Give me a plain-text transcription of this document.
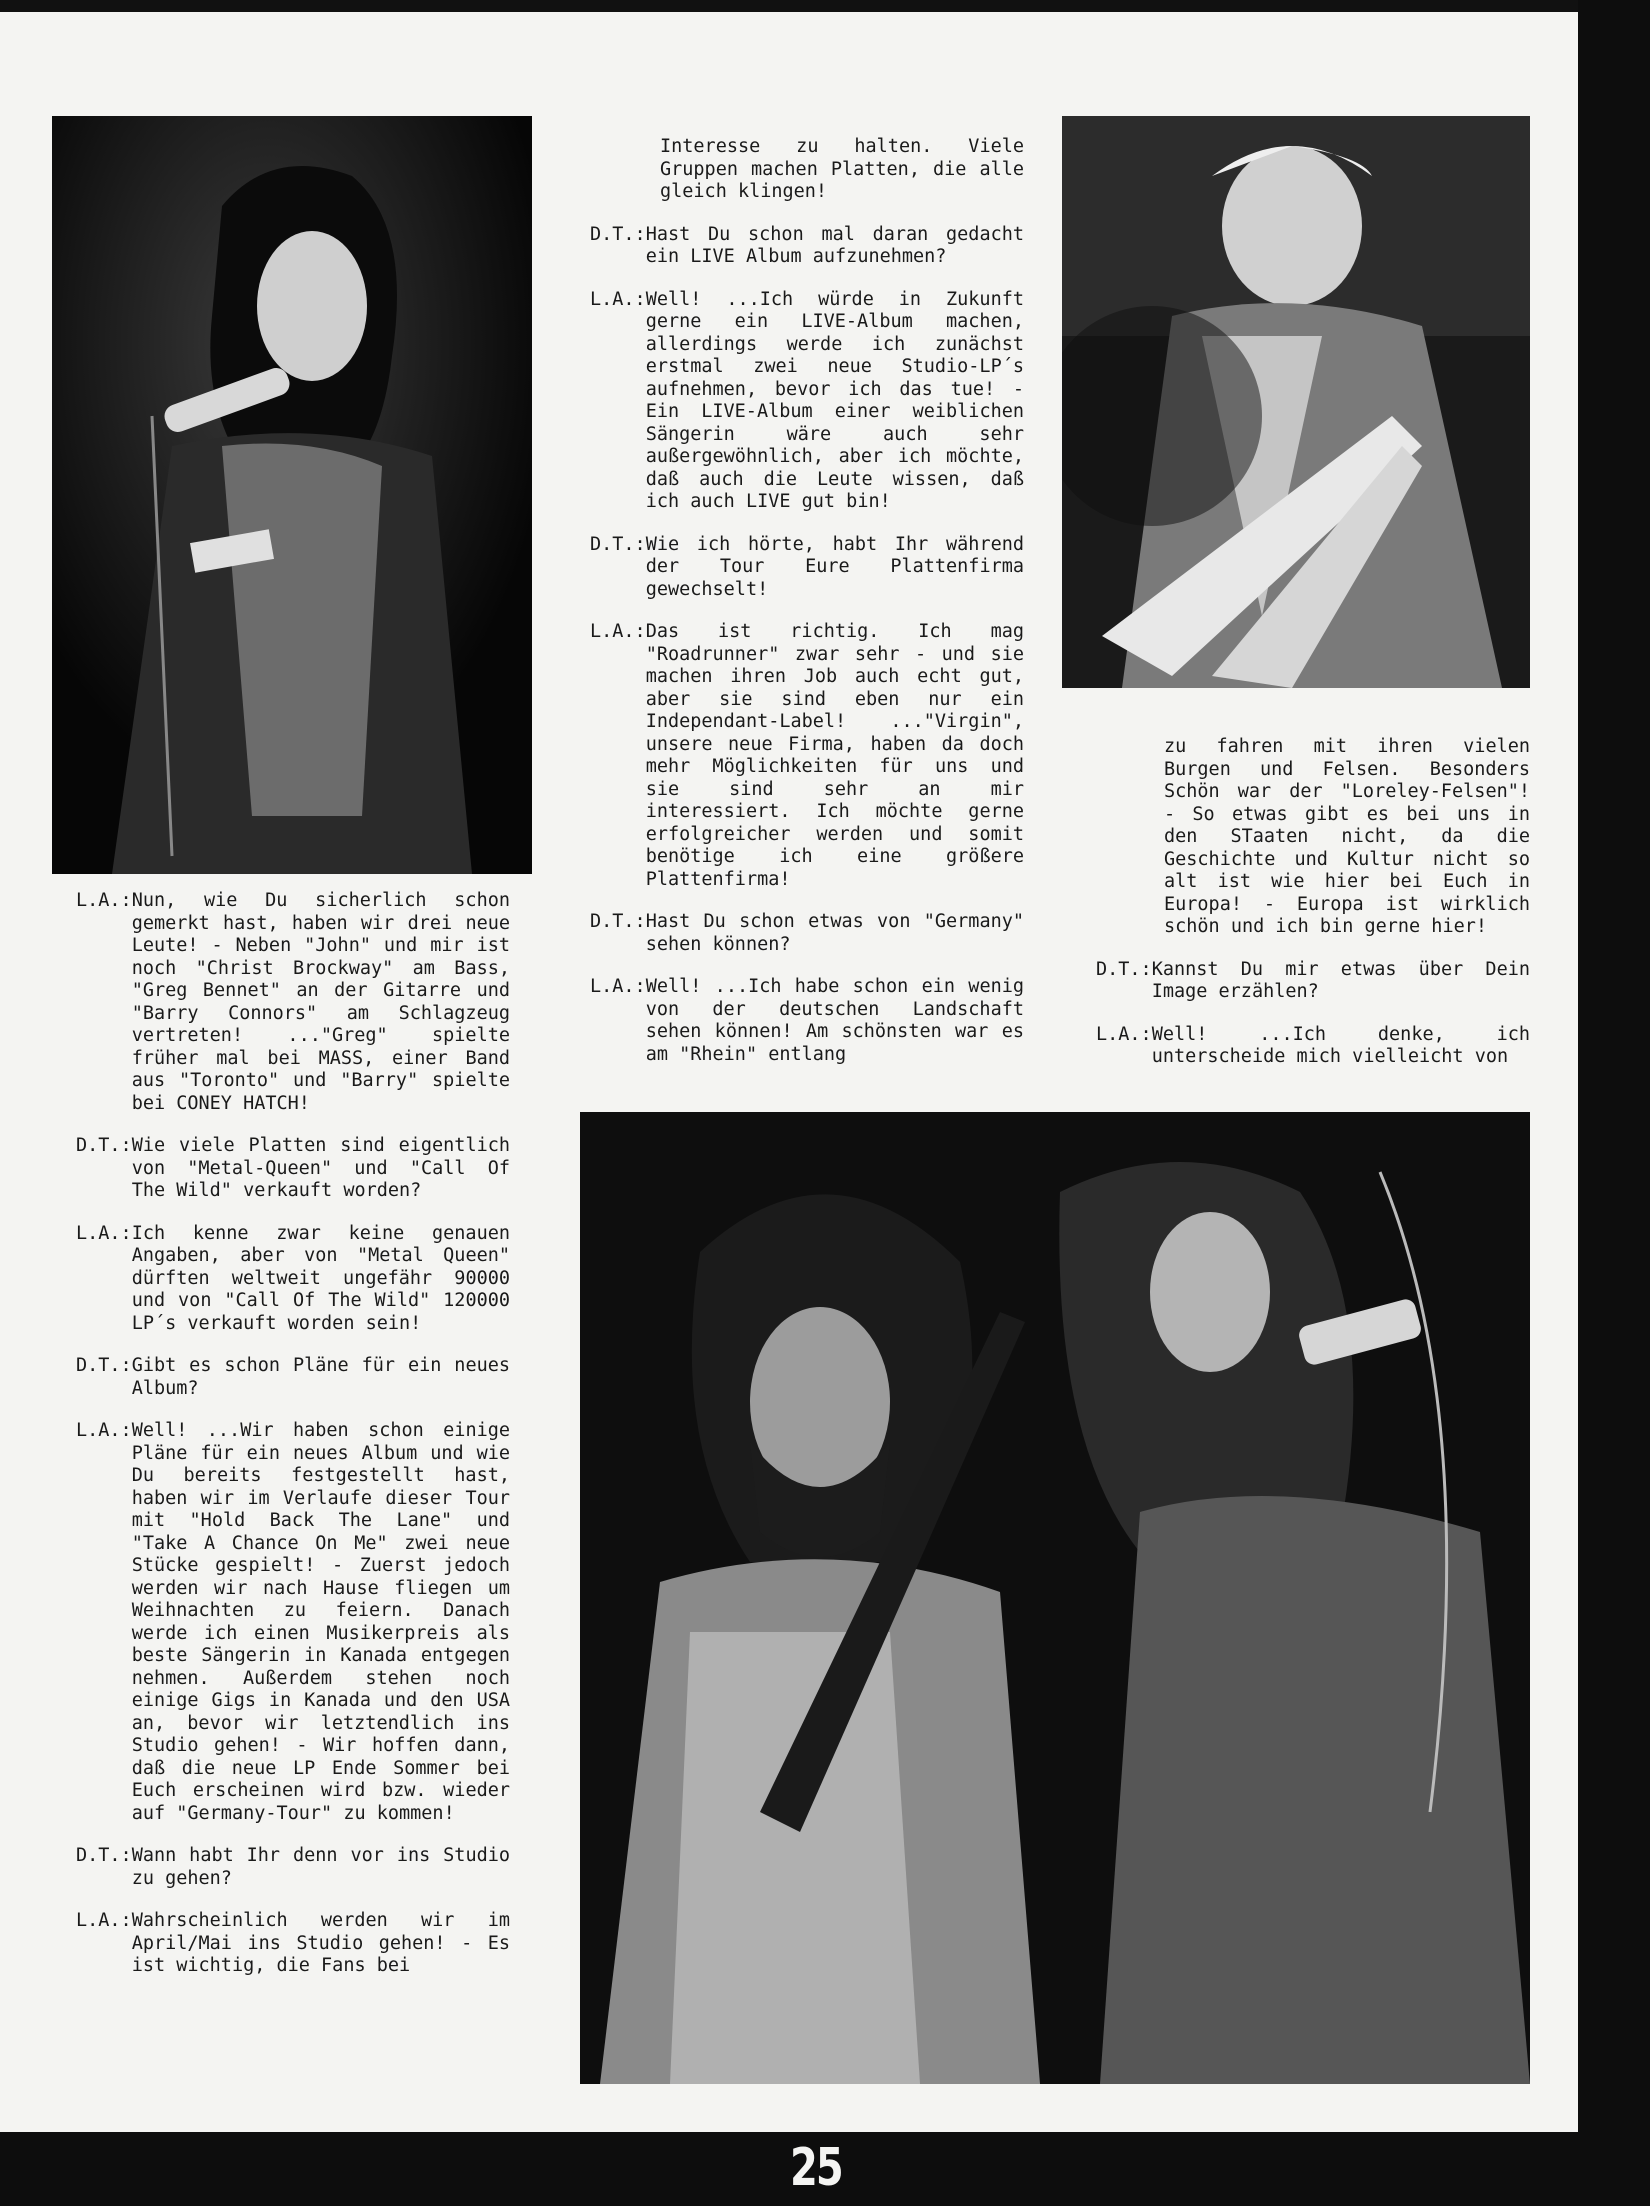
25
L.A.: Nun, wie Du sicherlich schon gemerkt hast, haben wir drei neue Leute! - Neben "John" und mir ist noch "Christ Brockway" am Bass, "Greg Bennet" an der Gitarre und "Barry Connors" am Schlagzeug vertreten! ..."Greg" spielte früher mal bei MASS, einer Band aus "Toronto" und "Barry" spielte bei CONEY HATCH!
D.T.: Wie viele Platten sind eigentlich von "Metal-Queen" und "Call Of The Wild" verkauft worden?
L.A.: Ich kenne zwar keine genauen Angaben, aber von "Metal Queen" dürften weltweit ungefähr 90000 und von "Call Of The Wild" 120000 LP´s verkauft worden sein!
D.T.: Gibt es schon Pläne für ein neues Album?
L.A.: Well! ...Wir haben schon einige Pläne für ein neues Album und wie Du bereits festgestellt hast, haben wir im Verlaufe dieser Tour mit "Hold Back The Lane" und "Take A Chance On Me" zwei neue Stücke gespielt! - Zuerst jedoch werden wir nach Hause fliegen um Weihnachten zu feiern. Danach werde ich einen Musikerpreis als beste Sängerin in Kanada entgegen nehmen. Außerdem stehen noch einige Gigs in Kanada und den USA an, bevor wir letztendlich ins Studio gehen! - Wir hoffen dann, daß die neue LP Ende Sommer bei Euch erscheinen wird bzw. wieder auf "Germany-Tour" zu kommen!
D.T.: Wann habt Ihr denn vor ins Studio zu gehen?
L.A.: Wahrscheinlich werden wir im April/Mai ins Studio gehen! - Es ist wichtig, die Fans bei
Interesse zu halten. Viele Gruppen machen Platten, die alle gleich klingen!
D.T.: Hast Du schon mal daran gedacht ein LIVE Album aufzunehmen?
L.A.: Well! ...Ich würde in Zukunft gerne ein LIVE-Album machen, allerdings werde ich zunächst erstmal zwei neue Studio-LP´s aufnehmen, bevor ich das tue! - Ein LIVE-Album einer weiblichen Sängerin wäre auch sehr außergewöhnlich, aber ich möchte, daß auch die Leute wissen, daß ich auch LIVE gut bin!
D.T.: Wie ich hörte, habt Ihr während der Tour Eure Plattenfirma gewechselt!
L.A.: Das ist richtig. Ich mag "Roadrunner" zwar sehr - und sie machen ihren Job auch echt gut, aber sie sind eben nur ein Independant-Label! ..."Virgin", unsere neue Firma, haben da doch mehr Möglichkeiten für uns und sie sind sehr an mir interessiert. Ich möchte gerne erfolgreicher werden und somit benötige ich eine größere Plattenfirma!
D.T.: Hast Du schon etwas von "Germany" sehen können?
L.A.: Well! ...Ich habe schon ein wenig von der deutschen Landschaft sehen können! Am schönsten war es am "Rhein" entlang
zu fahren mit ihren vielen Burgen und Felsen. Besonders Schön war der "Loreley-Felsen"! - So etwas gibt es bei uns in den STaaten nicht, da die Geschichte und Kultur nicht so alt ist wie hier bei Euch in Europa! - Europa ist wirklich schön und ich bin gerne hier!
D.T.: Kannst Du mir etwas über Dein Image erzählen?
L.A.: Well! ...Ich denke, ich unterscheide mich vielleicht von
